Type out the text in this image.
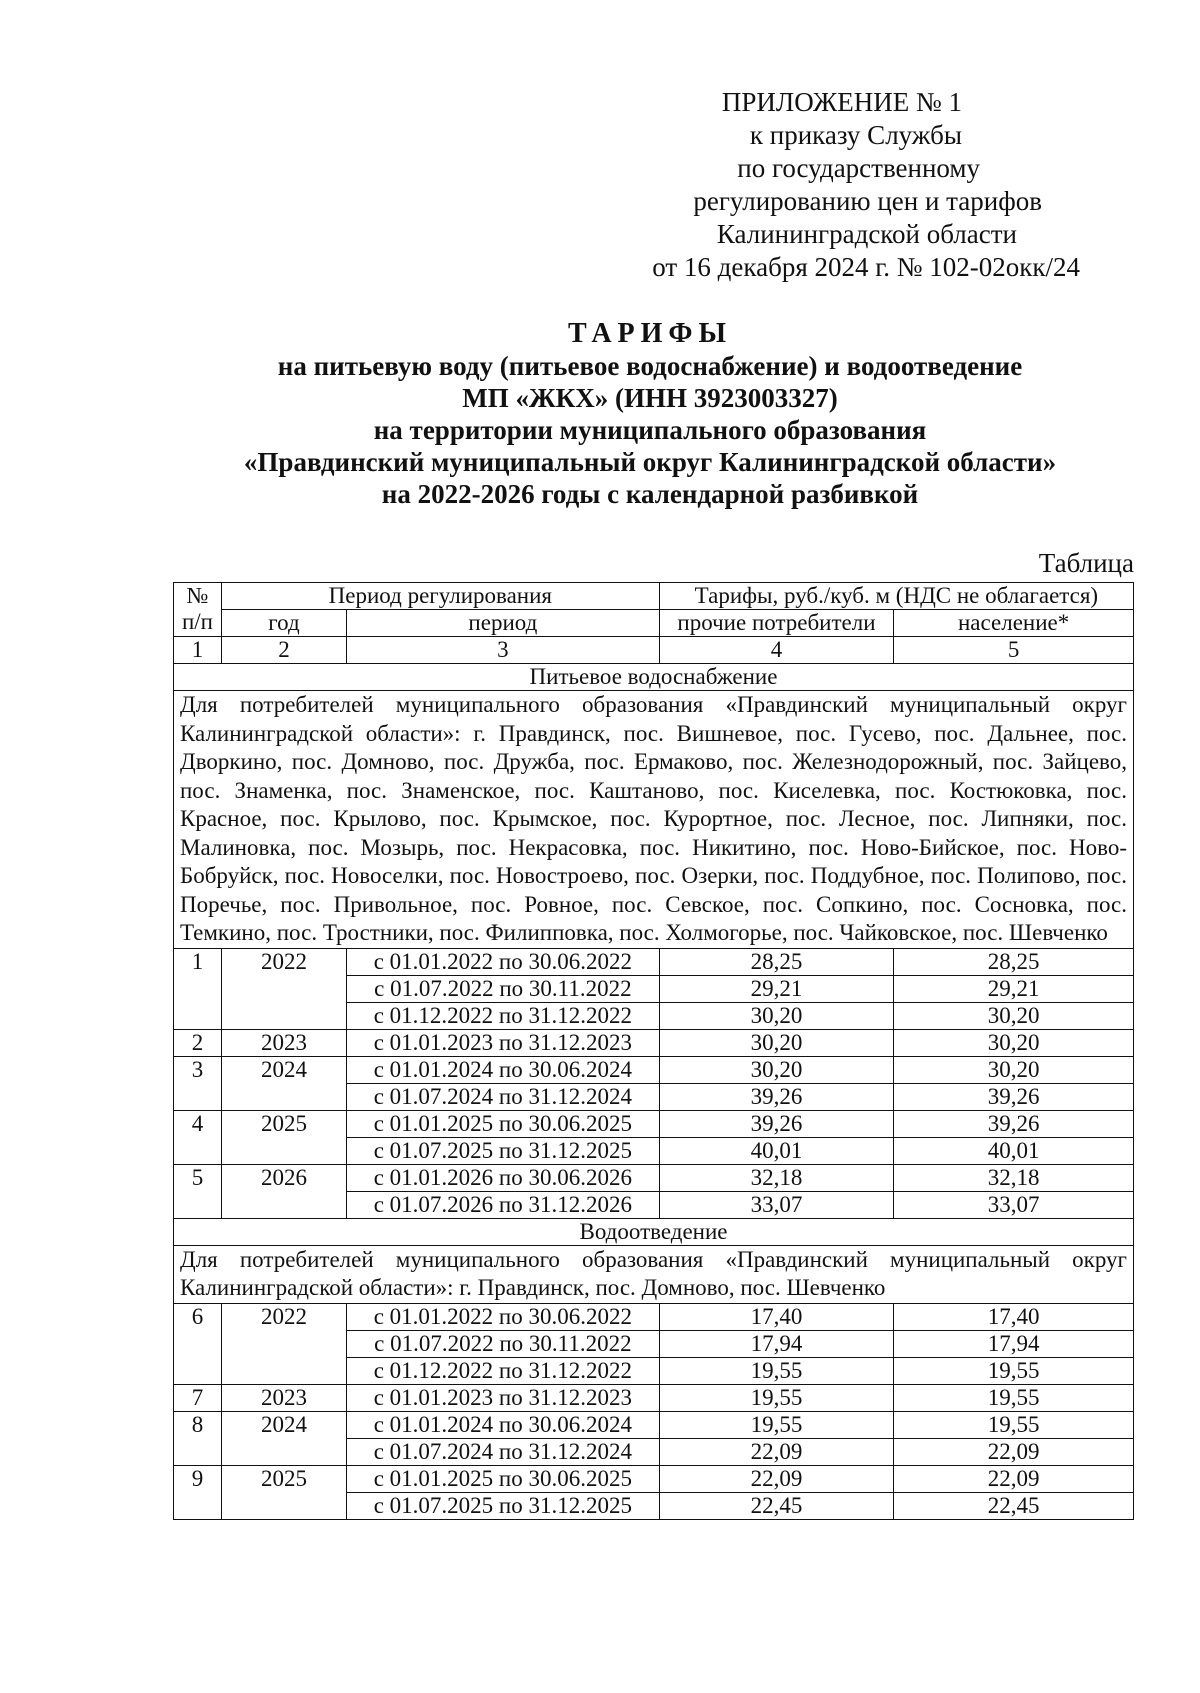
ПРИЛОЖЕНИЕ № 1
к приказу Службы
по государственному
регулированию цен и тарифов
Калининградской области
от 16 декабря 2024 г. № 102-02окк/24
ТАРИФЫ
на питьевую воду (питьевое водоснабжение) и водоотведение
МП «ЖКХ» (ИНН 3923003327)
на территории муниципального образования
«Правдинский муниципальный округ Калининградской области»
на 2022-2026 годы с календарной разбивкой
Таблица
№ п/п	Период регулирования		Тарифы, руб./куб. м (НДС не облагается)	
	год	период	прочие потребители	население*
1	2	3	4	5
Питьевое водоснабжение				
Для потребителей муниципального образования «Правдинский муниципальный округ Калининградской области»: г. Правдинск, пос. Вишневое, пос. Гусево, пос. Дальнее, пос. Дворкино, пос. Домново, пос. Дружба, пос. Ермаково, пос. Железнодорожный, пос. Зайцево, пос. Знаменка, пос. Знаменское, пос. Каштаново, пос. Киселевка, пос. Костюковка, пос. Красное, пос. Крылово, пос. Крымское, пос. Курортное, пос. Лесное, пос. Липняки, пос. Малиновка, пос. Мозырь, пос. Некрасовка, пос. Никитино, пос. Ново-Бийское, пос. Ново-Бобруйск, пос. Новоселки, пос. Новостроево, пос. Озерки, пос. Поддубное, пос. Полипово, пос. Поречье, пос. Привольное, пос. Ровное, пос. Севское, пос. Сопкино, пос. Сосновка, пос. Темкино, пос. Тростники, пос. Филипповка, пос. Холмогорье, пос. Чайковское, пос. Шевченко				
1	2022	с 01.01.2022 по 30.06.2022	28,25	28,25
		с 01.07.2022 по 30.11.2022	29,21	29,21
		с 01.12.2022 по 31.12.2022	30,20	30,20
2	2023	с 01.01.2023 по 31.12.2023	30,20	30,20
3	2024	с 01.01.2024 по 30.06.2024	30,20	30,20
		с 01.07.2024 по 31.12.2024	39,26	39,26
4	2025	с 01.01.2025 по 30.06.2025	39,26	39,26
		с 01.07.2025 по 31.12.2025	40,01	40,01
5	2026	с 01.01.2026 по 30.06.2026	32,18	32,18
		с 01.07.2026 по 31.12.2026	33,07	33,07
Водоотведение				
Для потребителей муниципального образования «Правдинский муниципальный округ Калининградской области»: г. Правдинск, пос. Домново, пос. Шевченко				
6	2022	с 01.01.2022 по 30.06.2022	17,40	17,40
		с 01.07.2022 по 30.11.2022	17,94	17,94
		с 01.12.2022 по 31.12.2022	19,55	19,55
7	2023	с 01.01.2023 по 31.12.2023	19,55	19,55
8	2024	с 01.01.2024 по 30.06.2024	19,55	19,55
		с 01.07.2024 по 31.12.2024	22,09	22,09
9	2025	с 01.01.2025 по 30.06.2025	22,09	22,09
		с 01.07.2025 по 31.12.2025	22,45	22,45
